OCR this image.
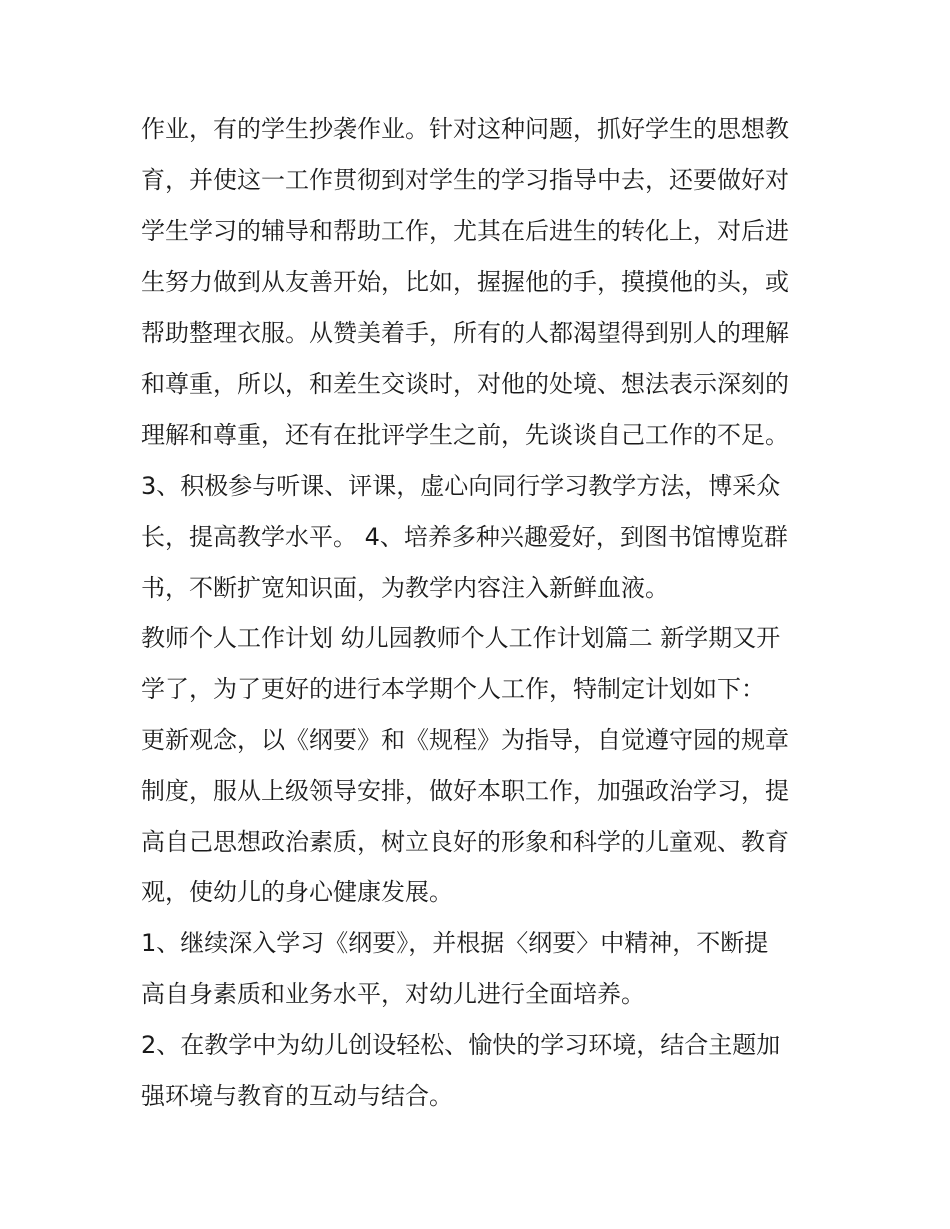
作业，有的学生抄袭作业。针对这种问题，抓好学生的思想教
育，并使这一工作贯彻到对学生的学习指导中去，还要做好对
学生学习的辅导和帮助工作，尤其在后进生的转化上，对后进
生努力做到从友善开始，比如，握握他的手，摸摸他的头，或
帮助整理衣服。从赞美着手，所有的人都渴望得到别人的理解
和尊重，所以，和差生交谈时，对他的处境、想法表示深刻的
理解和尊重，还有在批评学生之前，先谈谈自己工作的不足。
3、积极参与听课、评课，虚心向同行学习教学方法，博采众
长，提高教学水平。 4、培养多种兴趣爱好，到图书馆博览群
书，不断扩宽知识面，为教学内容注入新鲜血液。
教师个人工作计划 幼儿园教师个人工作计划篇二 新学期又开
学了，为了更好的进行本学期个人工作，特制定计划如下：
更新观念，以《纲要》和《规程》为指导，自觉遵守园的规章
制度，服从上级领导安排，做好本职工作，加强政治学习，提
高自己思想政治素质，树立良好的形象和科学的儿童观、教育
观，使幼儿的身心健康发展。
1、继续深入学习《纲要》，并根据〈纲要〉中精神，不断提
高自身素质和业务水平，对幼儿进行全面培养。
2、在教学中为幼儿创设轻松、愉快的学习环境，结合主题加
强环境与教育的互动与结合。
